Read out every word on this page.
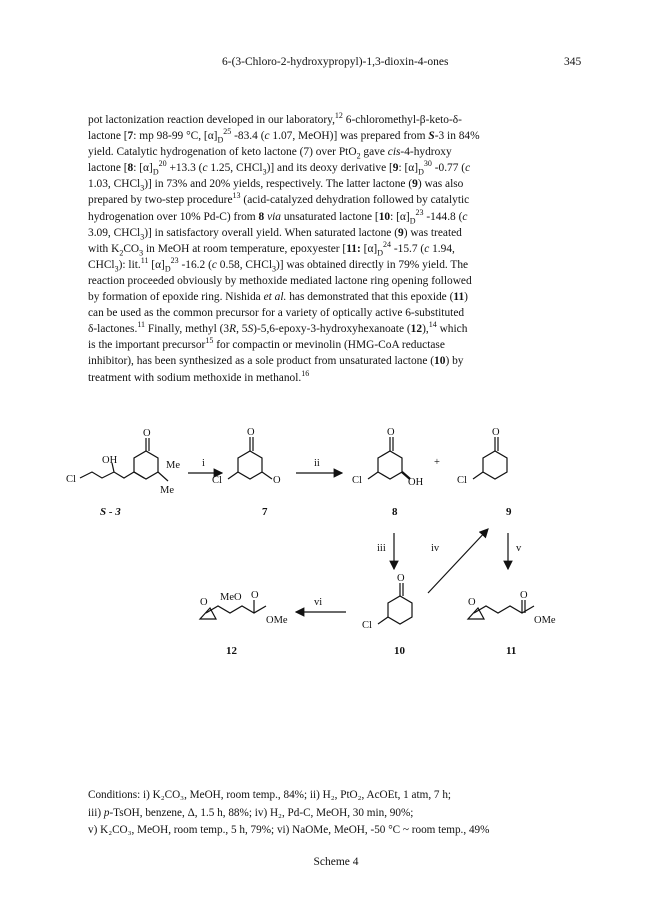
6-(3-Chloro-2-hydroxypropyl)-1,3-dioxin-4-ones	345
pot lactonization reaction developed in our laboratory,$^{12}$ 6-chloromethyl-β-keto-δ-
lactone [7: mp 98-99 °C, $[\alpha]_D^{25}$ -83.4 (c 1.07, MeOH)] was prepared from S-3 in 84%
yield. Catalytic hydrogenation of keto lactone (7) over PtO$_2$ gave cis-4-hydroxy
lactone [8: $[\alpha]_D^{20} +13.3$ (c 1.25, CHCl$_3$)] and its deoxy derivative [9: $[\alpha]_D^{30}$ -0.77 (c
1.03, CHCl$_3$)] in 73% and 20% yields, respectively. The latter lactone (9) was also
prepared by two-step procedure$^{13}$ (acid-catalyzed dehydration followed by catalytic
hydrogenation over 10% Pd-C) from 8 via unsaturated lactone [10: $[\alpha]_D^{23}$ -144.8 (c
3.09, CHCl$_3$)] in satisfactory overall yield. When saturated lactone (9) was treated
with $K_2CO_3$ in MeOH at room temperature, epoxyester [11: $[\alpha]_D^{24}$ -15.7 (c 1.94,
CHCl$_3$): lit.$^{11}$ $[\alpha]_D^{23}$ -16.2 (c 0.58, CHCl$_3$)] was obtained directly in 79% yield. The
reaction proceeded obviously by methoxide mediated lactone ring opening followed
by formation of epoxide ring. Nishida et al. has demonstrated that this epoxide (11)
can be used as the common precursor for a variety of optically active 6-substituted
δ-lactones.$^{11}$ Finally, methyl (3R, 5S)-5,6-epoxy-3-hydroxyhexanoate (12),$^{14}$ which
is the important precursor$^{15}$ for compactin or mevinolin (HMG-CoA reductase
inhibitor), has been synthesized as a sole product from unsaturated lactone (10) by
treatment with sodium methoxide in methanol.$^{16}$
O
OH
Cl
Me
Me
O
Cl	O
O
Cl	OH
+
O
Cl
O
Cl
MeO O
OMe
O	O
O
OMe
i	ii
iii	iv	v
vi
S - 3	7	8	9
12	10	11
Conditions: i) K₂CO₃, MeOH, room temp., 84%; ii) H₂, PtO₂, AcOEt, 1 atm, 7 h;
iii) p-TsOH, benzene, Δ, 1.5 h, 88%; iv) H₂, Pd-C, MeOH, 30 min, 90%;
v) K₂CO₃, MeOH, room temp., 5 h, 79%; vi) NaOMe, MeOH, -50 °C ~ room temp., 49%
Scheme 4
